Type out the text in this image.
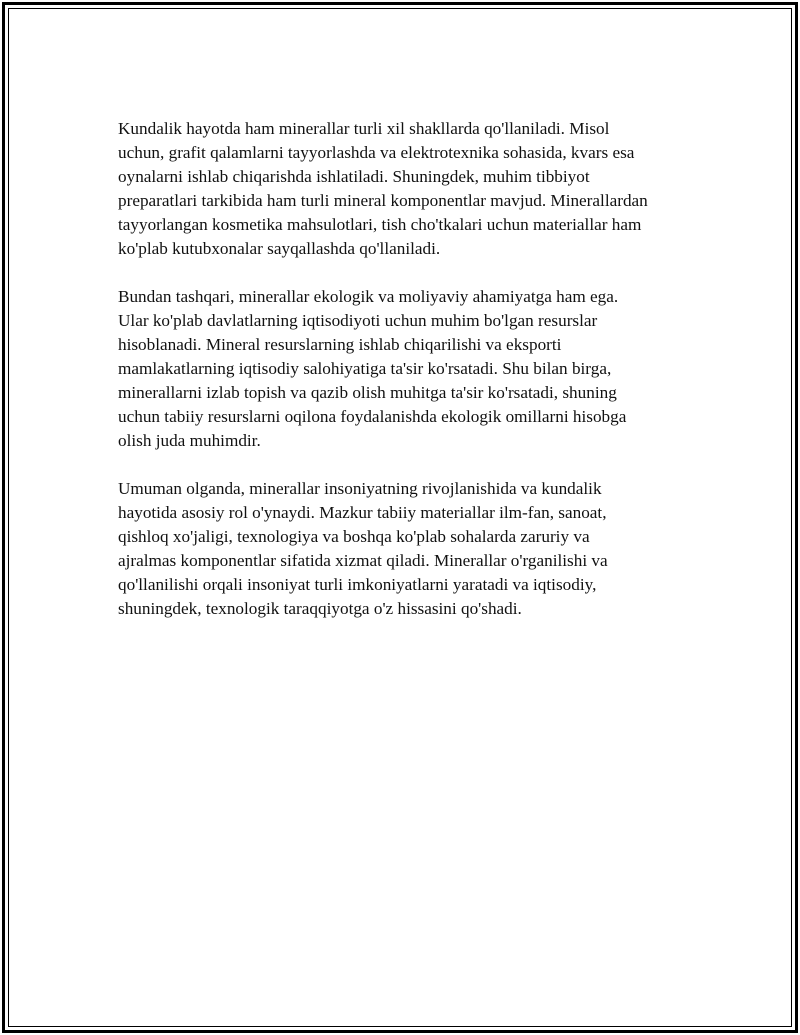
Kundalik hayotda ham minerallar turli xil shakllarda qo'llaniladi. Misol
uchun, grafit qalamlarni tayyorlashda va elektrotexnika sohasida, kvars esa
oynalarni ishlab chiqarishda ishlatiladi. Shuningdek, muhim tibbiyot
preparatlari tarkibida ham turli mineral komponentlar mavjud. Minerallardan
tayyorlangan kosmetika mahsulotlari, tish cho'tkalari uchun materiallar ham
ko'plab kutubxonalar sayqallashda qo'llaniladi.

Bundan tashqari, minerallar ekologik va moliyaviy ahamiyatga ham ega.
Ular ko'plab davlatlarning iqtisodiyoti uchun muhim bo'lgan resurslar
hisoblanadi. Mineral resurslarning ishlab chiqarilishi va eksporti
mamlakatlarning iqtisodiy salohiyatiga ta'sir ko'rsatadi. Shu bilan birga,
minerallarni izlab topish va qazib olish muhitga ta'sir ko'rsatadi, shuning
uchun tabiiy resurslarni oqilona foydalanishda ekologik omillarni hisobga
olish juda muhimdir.

Umuman olganda, minerallar insoniyatning rivojlanishida va kundalik
hayotida asosiy rol o'ynaydi. Mazkur tabiiy materiallar ilm-fan, sanoat,
qishloq xo'jaligi, texnologiya va boshqa ko'plab sohalarda zaruriy va
ajralmas komponentlar sifatida xizmat qiladi. Minerallar o'rganilishi va
qo'llanilishi orqali insoniyat turli imkoniyatlarni yaratadi va iqtisodiy,
shuningdek, texnologik taraqqiyotga o'z hissasini qo'shadi.
